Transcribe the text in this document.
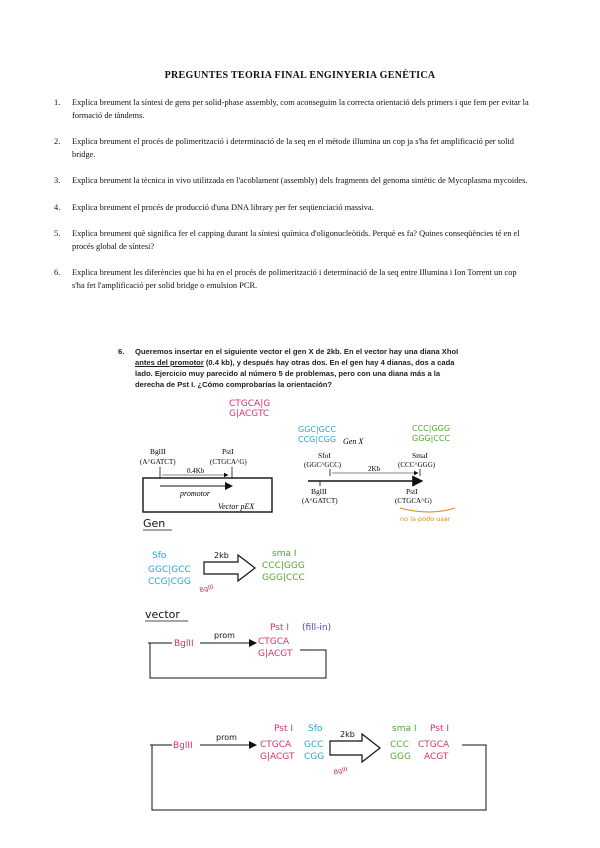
PREGUNTES TEORIA FINAL ENGINYERIA GENÈTICA
1. Explica breument la síntesi de gens per solid-phase assembly, com aconseguim la correcta orientació dels primers i que fem per evitar la formació de tàndems.
2. Explica breument el procés de polimerització i determinació de la seq en el mètode illumina un cop ja s'ha fet amplificació per solid bridge.
3. Explica breument la tècnica in vivo utilitzada en l'acoblament (assembly) dels fragments del genoma sintètic de Mycoplasma mycoides.
4. Explica breument el procés de producció d'una DNA library per fer seqüenciació massiva.
5. Explica breument què significa fer el capping durant la síntesi química d'oligonucleòtids. Perquè es fa? Quines conseqüències té en el procés global de síntesi?
6. Explica breument les diferències que hi ha en el procés de polimerització i determinació de la seq entre Illumina i Ion Torrent un cop s'ha fet l'amplificació per solid bridge o emulsion PCR.
6.	Queremos insertar en el siguiente vector el gen X de 2kb. En el vector hay una diana XhoI antes del promotor (0.4 kb), y después hay otras dos. En el gen hay 4 dianas, dos a cada lado. Ejercicio muy parecido al número 5 de problemas, pero con una diana más a la derecha de Pst I. ¿Cómo comprobarías la orientación?
BglII
(A^GATCT)
PstI
(CTGCA^G)
0.4Kb
promotor
Vector pEX
Gen X
SfoI
(GGC^GCC)
SmaI
(CCC^GGG)
2Kb
BglII
(A^GATCT)
PstI
(CTGCA^G)
CTGCA|G
G|ACGTC
GGC|GCC
CCG|CGG
CCC|GGG
GGG|CCC
no la podo usar
Gen
Sfo
GGC|GCC
CCG|CGG
2kb
BglII
sma I
CCC|GGG
GGG|CCC
vector
BglII
prom
Pst I (fill-in)
CTGCA
G|ACGT
BglII
prom
Pst I Sfo
CTGCA
G|ACGT
GCC
CGG
2kb
BglII
sma I Pst I
CCC
GGG
CTGCA
ACGT
